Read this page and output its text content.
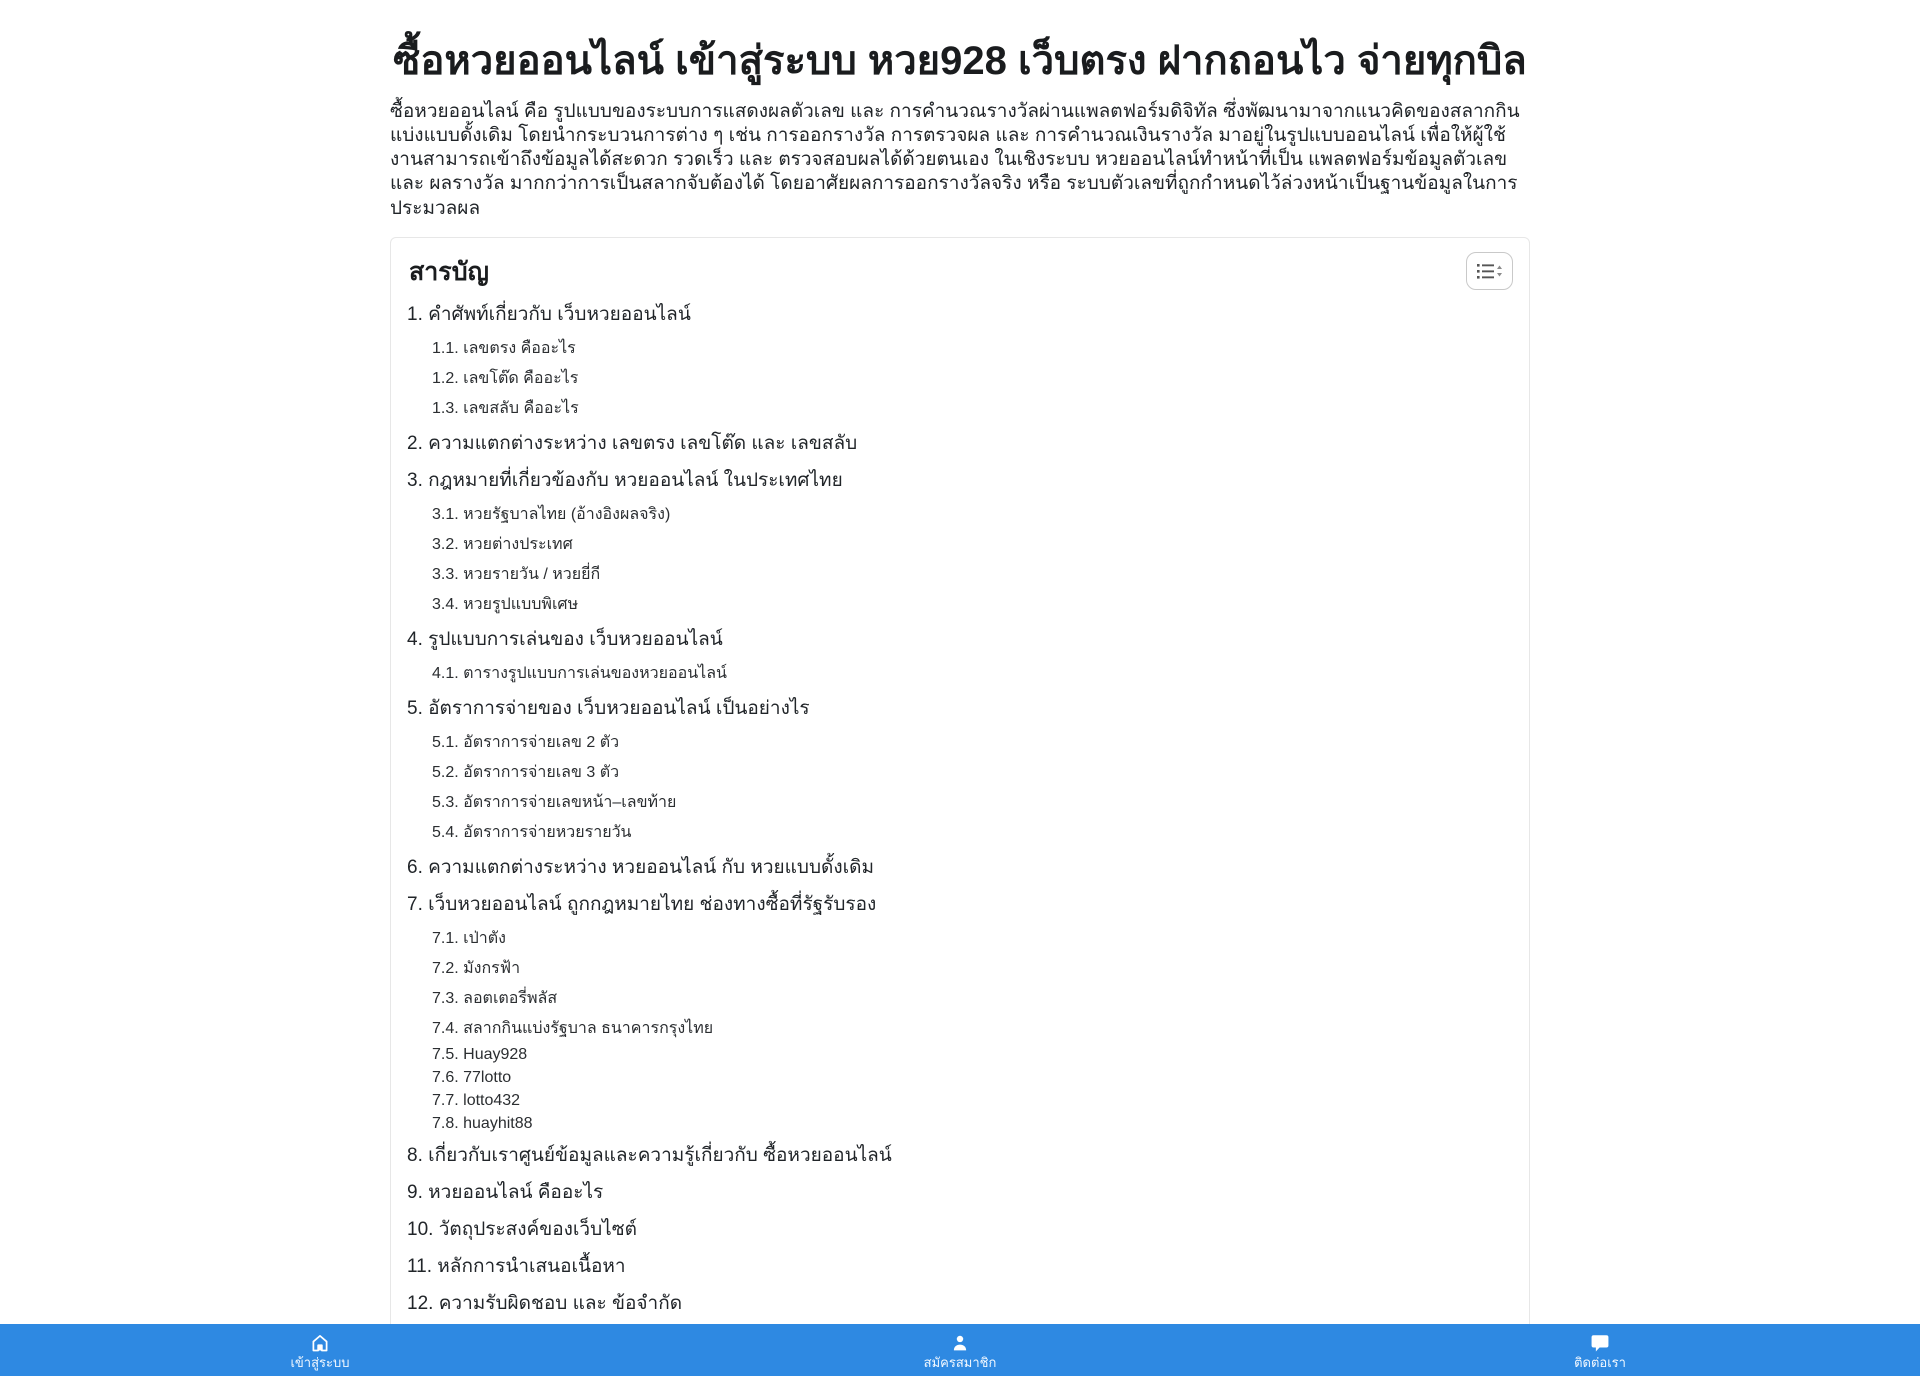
ซื้อหวยออนไลน์ เข้าสู่ระบบ หวย928 เว็บตรง ฝากถอนไว จ่ายทุกบิล

ซื้อหวยออนไลน์ คือ รูปแบบของระบบการแสดงผลตัวเลข และ การคำนวณรางวัลผ่านแพลตฟอร์มดิจิทัล ซึ่งพัฒนามาจากแนวคิดของสลากกินแบ่งแบบดั้งเดิม โดยนำกระบวนการต่าง ๆ เช่น การออกรางวัล การตรวจผล และ การคำนวณเงินรางวัล มาอยู่ในรูปแบบออนไลน์ เพื่อให้ผู้ใช้งานสามารถเข้าถึงข้อมูลได้สะดวก รวดเร็ว และ ตรวจสอบผลได้ด้วยตนเอง ในเชิงระบบ หวยออนไลน์ทำหน้าที่เป็น แพลตฟอร์มข้อมูลตัวเลข และ ผลรางวัล มากกว่าการเป็นสลากจับต้องได้ โดยอาศัยผลการออกรางวัลจริง หรือ ระบบตัวเลขที่ถูกกำหนดไว้ล่วงหน้าเป็นฐานข้อมูลในการประมวลผล

สารบัญ
1. คำศัพท์เกี่ยวกับ เว็บหวยออนไลน์
1.1. เลขตรง คืออะไร
1.2. เลขโต๊ด คืออะไร
1.3. เลขสลับ คืออะไร
2. ความแตกต่างระหว่าง เลขตรง เลขโต๊ด และ เลขสลับ
3. กฎหมายที่เกี่ยวข้องกับ หวยออนไลน์ ในประเทศไทย
3.1. หวยรัฐบาลไทย (อ้างอิงผลจริง)
3.2. หวยต่างประเทศ
3.3. หวยรายวัน / หวยยี่กี
3.4. หวยรูปแบบพิเศษ
4. รูปแบบการเล่นของ เว็บหวยออนไลน์
4.1. ตารางรูปแบบการเล่นของหวยออนไลน์
5. อัตราการจ่ายของ เว็บหวยออนไลน์ เป็นอย่างไร
5.1. อัตราการจ่ายเลข 2 ตัว
5.2. อัตราการจ่ายเลข 3 ตัว
5.3. อัตราการจ่ายเลขหน้า–เลขท้าย
5.4. อัตราการจ่ายหวยรายวัน
6. ความแตกต่างระหว่าง หวยออนไลน์ กับ หวยแบบดั้งเดิม
7. เว็บหวยออนไลน์ ถูกกฎหมายไทย ช่องทางซื้อที่รัฐรับรอง
7.1. เป่าตัง
7.2. มังกรฟ้า
7.3. ลอตเตอรี่พลัส
7.4. สลากกินแบ่งรัฐบาล ธนาคารกรุงไทย
7.5. Huay928
7.6. 77lotto
7.7. lotto432
7.8. huayhit88
8. เกี่ยวกับเราศูนย์ข้อมูลและความรู้เกี่ยวกับ ซื้อหวยออนไลน์
9. หวยออนไลน์ คืออะไร
10. วัตถุประสงค์ของเว็บไซต์
11. หลักการนำเสนอเนื้อหา
12. ความรับผิดชอบ และ ข้อจำกัด
เข้าสู่ระบบ	สมัครสมาชิก	ติดต่อเรา
